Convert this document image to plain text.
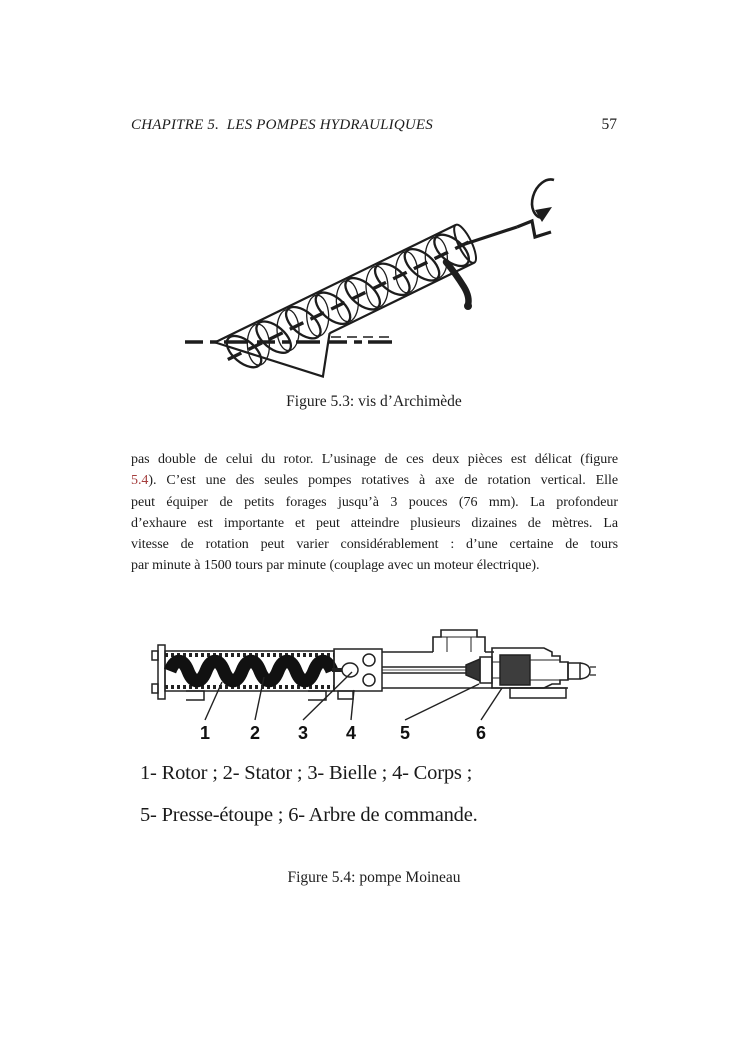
CHAPITRE 5. LES POMPES HYDRAULIQUES	57
Figure 5.3: vis d’Archimède
pas double de celui du rotor. L’usinage de ces deux pièces est délicat (figure
5.4). C’est une des seules pompes rotatives à axe de rotation vertical. Elle
peut équiper de petits forages jusqu’à 3 pouces (76 mm). La profondeur
d’exhaure est importante et peut atteindre plusieurs dizaines de mètres. La
vitesse de rotation peut varier considérablement : d’une certaine de tours
par minute à 1500 tours par minute (couplage avec un moteur électrique).
1 2 3 4 5	6
1- Rotor ; 2- Stator ; 3- Bielle ; 4- Corps ;
5- Presse-étoupe ; 6- Arbre de commande.
Figure 5.4: pompe Moineau
